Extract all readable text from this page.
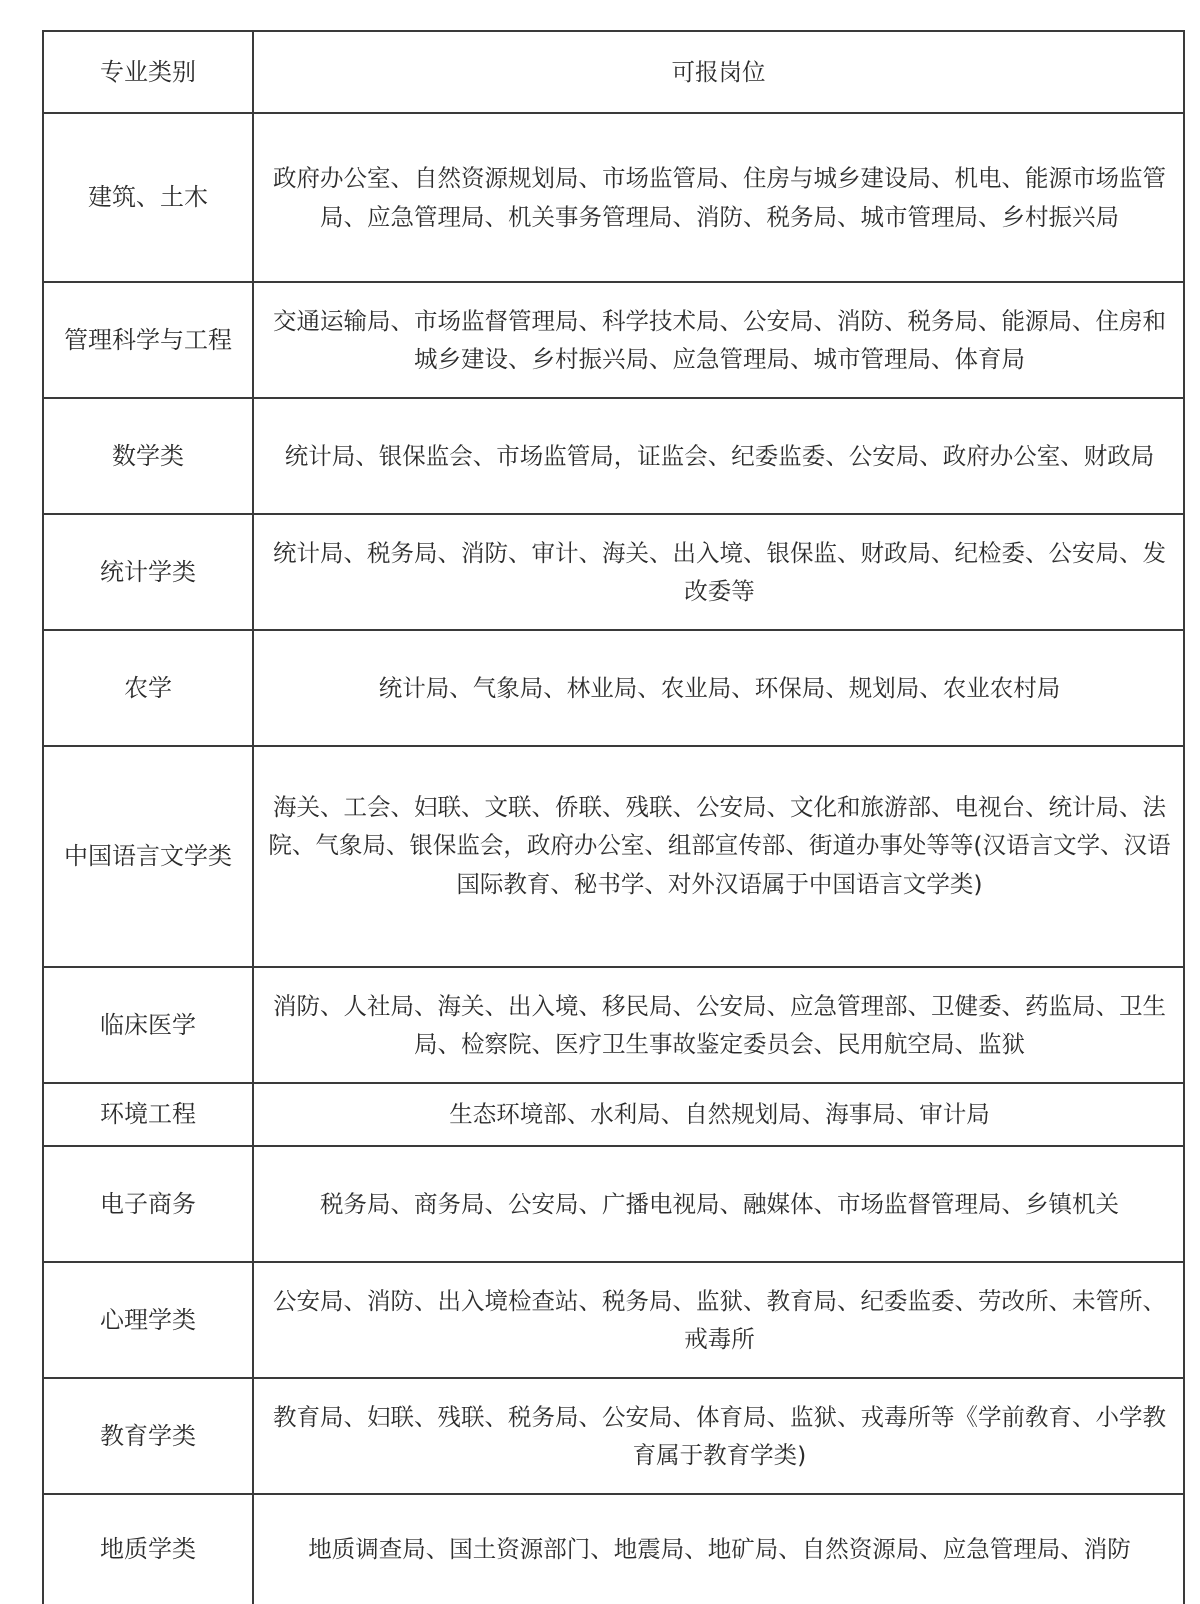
专业类别	可报岗位
建筑、土木	政府办公室、自然资源规划局、市场监管局、住房与城乡建设局、机电、能源市场监管局、应急管理局、机关事务管理局、消防、税务局、城市管理局、乡村振兴局
管理科学与工程	交通运输局、市场监督管理局、科学技术局、公安局、消防、税务局、能源局、住房和城乡建设、乡村振兴局、应急管理局、城市管理局、体育局
数学类	统计局、银保监会、市场监管局，证监会、纪委监委、公安局、政府办公室、财政局
统计学类	统计局、税务局、消防、审计、海关、出入境、银保监、财政局、纪检委、公安局、发改委等
农学	统计局、气象局、林业局、农业局、环保局、规划局、农业农村局
中国语言文学类	海关、工会、妇联、文联、侨联、残联、公安局、文化和旅游部、电视台、统计局、法院、气象局、银保监会，政府办公室、组部宣传部、街道办事处等等(汉语言文学、汉语国际教育、秘书学、对外汉语属于中国语言文学类)
临床医学	消防、人社局、海关、出入境、移民局、公安局、应急管理部、卫健委、药监局、卫生局、检察院、医疗卫生事故鉴定委员会、民用航空局、监狱
环境工程	生态环境部、水利局、自然规划局、海事局、审计局
电子商务	税务局、商务局、公安局、广播电视局、融媒体、市场监督管理局、乡镇机关
心理学类	公安局、消防、出入境检查站、税务局、监狱、教育局、纪委监委、劳改所、未管所、戒毒所
教育学类	教育局、妇联、残联、税务局、公安局、体育局、监狱、戎毒所等《学前敎育、小学教育属于教育学类)
地质学类	地质调查局、国土资源部门、地震局、地矿局、自然资源局、应急管理局、消防
